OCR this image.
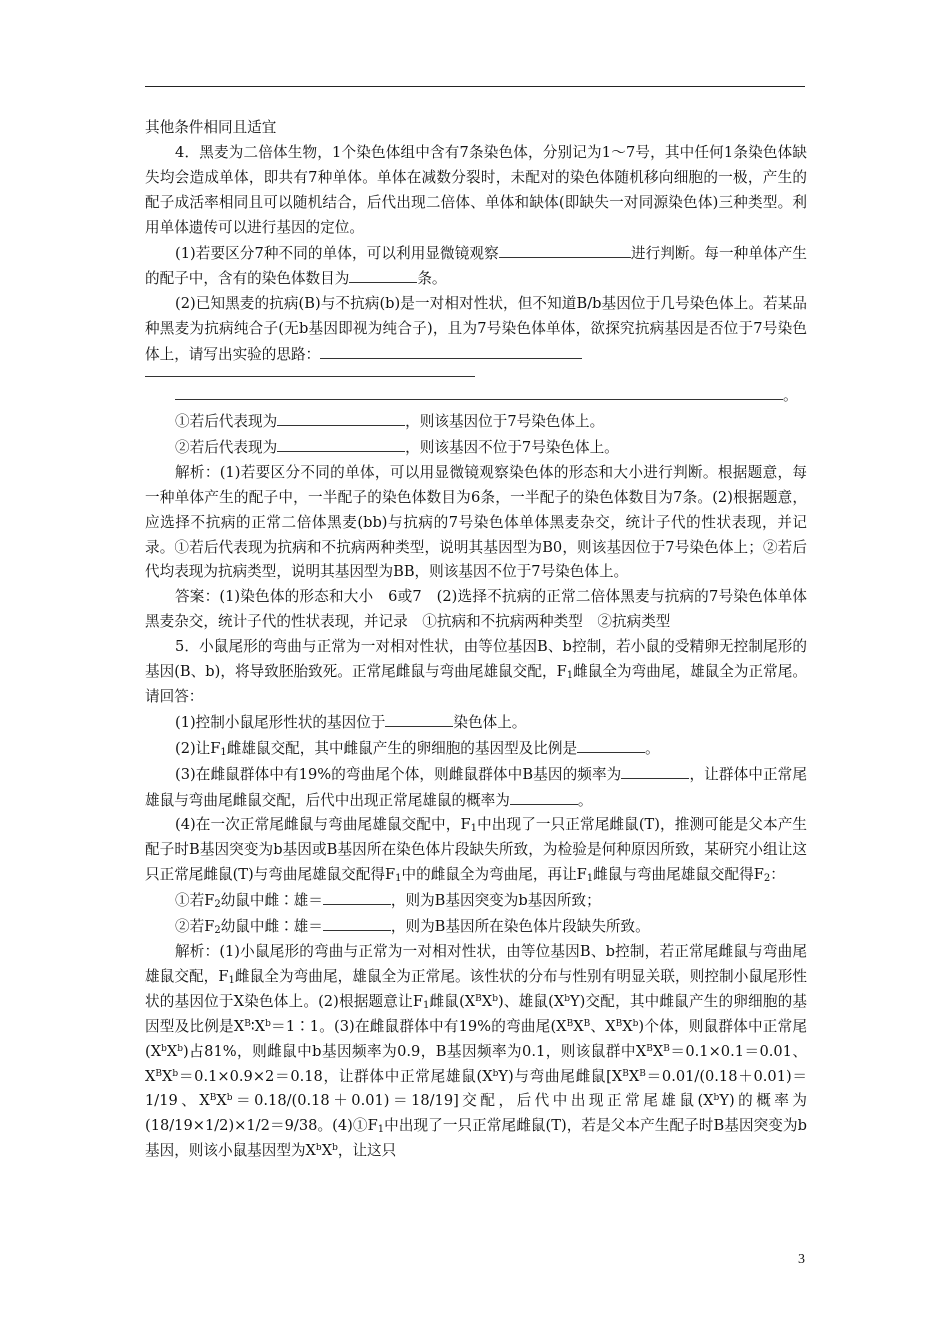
其他条件相同且适宜

4．黑麦为二倍体生物，1个染色体组中含有7条染色体，分别记为1～7号，其中任何1条染色体缺失均会造成单体，即共有7种单体。单体在减数分裂时，未配对的染色体随机移向细胞的一极，产生的配子成活率相同且可以随机结合，后代出现二倍体、单体和缺体(即缺失一对同源染色体)三种类型。利用单体遗传可以进行基因的定位。

(1)若要区分7种不同的单体，可以利用显微镜观察	进行判断。每一种单体产生的配子中，含有的染色体数目为	条。

(2)已知黑麦的抗病(B)与不抗病(b)是一对相对性状，但不知道B/b基因位于几号染色体上。若某品种黑麦为抗病纯合子(无b基因即视为纯合子)，且为7号染色体单体，欲探究抗病基因是否位于7号染色体上，请写出实验的思路：

。

①若后代表现为	，则该基因位于7号染色体上。

②若后代表现为	，则该基因不位于7号染色体上。

解析：(1)若要区分不同的单体，可以用显微镜观察染色体的形态和大小进行判断。根据题意，每一种单体产生的配子中，一半配子的染色体数目为6条，一半配子的染色体数目为7条。(2)根据题意，应选择不抗病的正常二倍体黑麦(bb)与抗病的7号染色体单体黑麦杂交，统计子代的性状表现，并记录。①若后代表现为抗病和不抗病两种类型，说明其基因型为B0，则该基因位于7号染色体上；②若后代均表现为抗病类型，说明其基因型为BB，则该基因不位于7号染色体上。

答案：(1)染色体的形态和大小　6或7　(2)选择不抗病的正常二倍体黑麦与抗病的7号染色体单体黑麦杂交，统计子代的性状表现，并记录　①抗病和不抗病两种类型　②抗病类型

5．小鼠尾形的弯曲与正常为一对相对性状，由等位基因B、b控制，若小鼠的受精卵无控制尾形的基因(B、b)，将导致胚胎致死。正常尾雌鼠与弯曲尾雄鼠交配，$F_1$雌鼠全为弯曲尾，雄鼠全为正常尾。请回答：

(1)控制小鼠尾形性状的基因位于	染色体上。

(2)让$F_1$雌雄鼠交配，其中雌鼠产生的卵细胞的基因型及比例是	。

(3)在雌鼠群体中有19%的弯曲尾个体，则雌鼠群体中B基因的频率为	，让群体中正常尾雄鼠与弯曲尾雌鼠交配，后代中出现正常尾雄鼠的概率为	。

(4)在一次正常尾雌鼠与弯曲尾雄鼠交配中，$F_1$中出现了一只正常尾雌鼠(T)，推测可能是父本产生配子时B基因突变为b基因或B基因所在染色体片段缺失所致，为检验是何种原因所致，某研究小组让这只正常尾雌鼠(T)与弯曲尾雄鼠交配得$F_1$中的雌鼠全为弯曲尾，再让$F_1$雌鼠与弯曲尾雄鼠交配得$F_2$：

①若$F_2$幼鼠中雌∶雄＝	，则为B基因突变为b基因所致；

②若$F_2$幼鼠中雌∶雄＝	，则为B基因所在染色体片段缺失所致。

解析：(1)小鼠尾形的弯曲与正常为一对相对性状，由等位基因B、b控制，若正常尾雌鼠与弯曲尾雄鼠交配，$F_1$雌鼠全为弯曲尾，雄鼠全为正常尾。该性状的分布与性别有明显关联，则控制小鼠尾形性状的基因位于X染色体上。(2)根据题意让$F_1$雌鼠$(X^BX^b)$、雄鼠$(X^bY)$交配，其中雌鼠产生的卵细胞的基因型及比例是$X^B∶X^b=1∶1$。(3)在雌鼠群体中有19%的弯曲尾($X^BX^B$、$X^BX^b$)个体，则鼠群体中正常尾$(X^bX^b)$占81%，则雌鼠中b基因频率为0.9，B基因频率为0.1，则该鼠群中$X^BX^B=0.1\times 0.1=0.01$、$X^BX^b=0.1\times 0.9\times 2=0.18$，让群体中正常尾雄鼠$(X^bY)$与弯曲尾雌鼠[$X^BX^B=0.01/(0.18+0.01)=1/19$、$X^BX^b=0.18/(0.18+0.01)=18/19$]交配，后代中出现正常尾雄鼠$(X^bY)$的概率为(18/19×1/2)×1/2＝9/38。$(4)①F_1$中出现了一只正常尾雌鼠(T)，若是父本产生配子时B基因突变为b基因，则该小鼠基因型为$X^bX^b$，让这只

3
